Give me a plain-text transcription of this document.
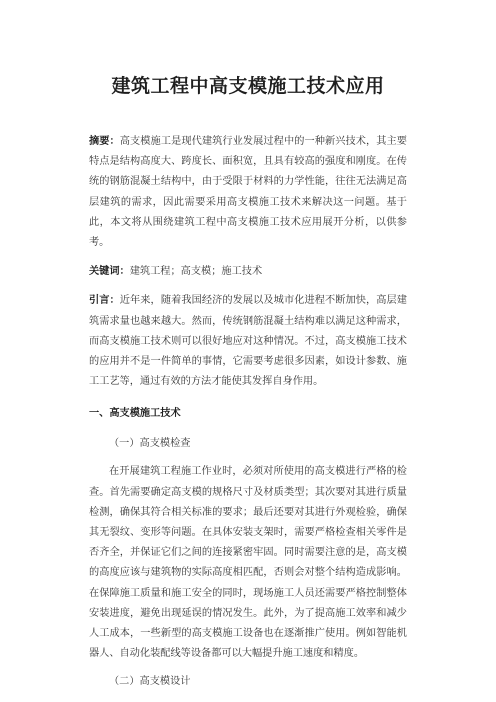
建筑工程中高支模施工技术应用

摘要：高支模施工是现代建筑行业发展过程中的一种新兴技术，其主要特点是结构高度大、跨度长、面积宽，且具有较高的强度和刚度。在传统的钢筋混凝土结构中，由于受限于材料的力学性能，往往无法满足高层建筑的需求，因此需要采用高支模施工技术来解决这一问题。基于此，本文将从围绕建筑工程中高支模施工技术应用展开分析，以供参考。

关键词：建筑工程；高支模；施工技术

引言：近年来，随着我国经济的发展以及城市化进程不断加快，高层建筑需求量也越来越大。然而，传统钢筋混凝土结构难以满足这种需求，而高支模施工技术则可以很好地应对这种情况。不过，高支模施工技术的应用并不是一件简单的事情，它需要考虑很多因素，如设计参数、施工工艺等，通过有效的方法才能使其发挥自身作用。

一、高支模施工技术
（一）高支模检查

在开展建筑工程施工作业时，必须对所使用的高支模进行严格的检查。首先需要确定高支模的规格尺寸及材质类型；其次要对其进行质量检测，确保其符合相关标准的要求；最后还要对其进行外观检验，确保其无裂纹、变形等问题。在具体安装支架时，需要严格检查相关零件是否齐全，并保证它们之间的连接紧密牢固。同时需要注意的是，高支模的高度应该与建筑物的实际高度相匹配，否则会对整个结构造成影响。在保障施工质量和施工安全的同时，现场施工人员还需要严格控制整体安装进度，避免出现延误的情况发生。此外，为了提高施工效率和减少人工成本，一些新型的高支模施工设备也在逐渐推广使用。例如智能机器人、自动化装配线等设备都可以大幅提升施工速度和精度。

（二）高支模设计
